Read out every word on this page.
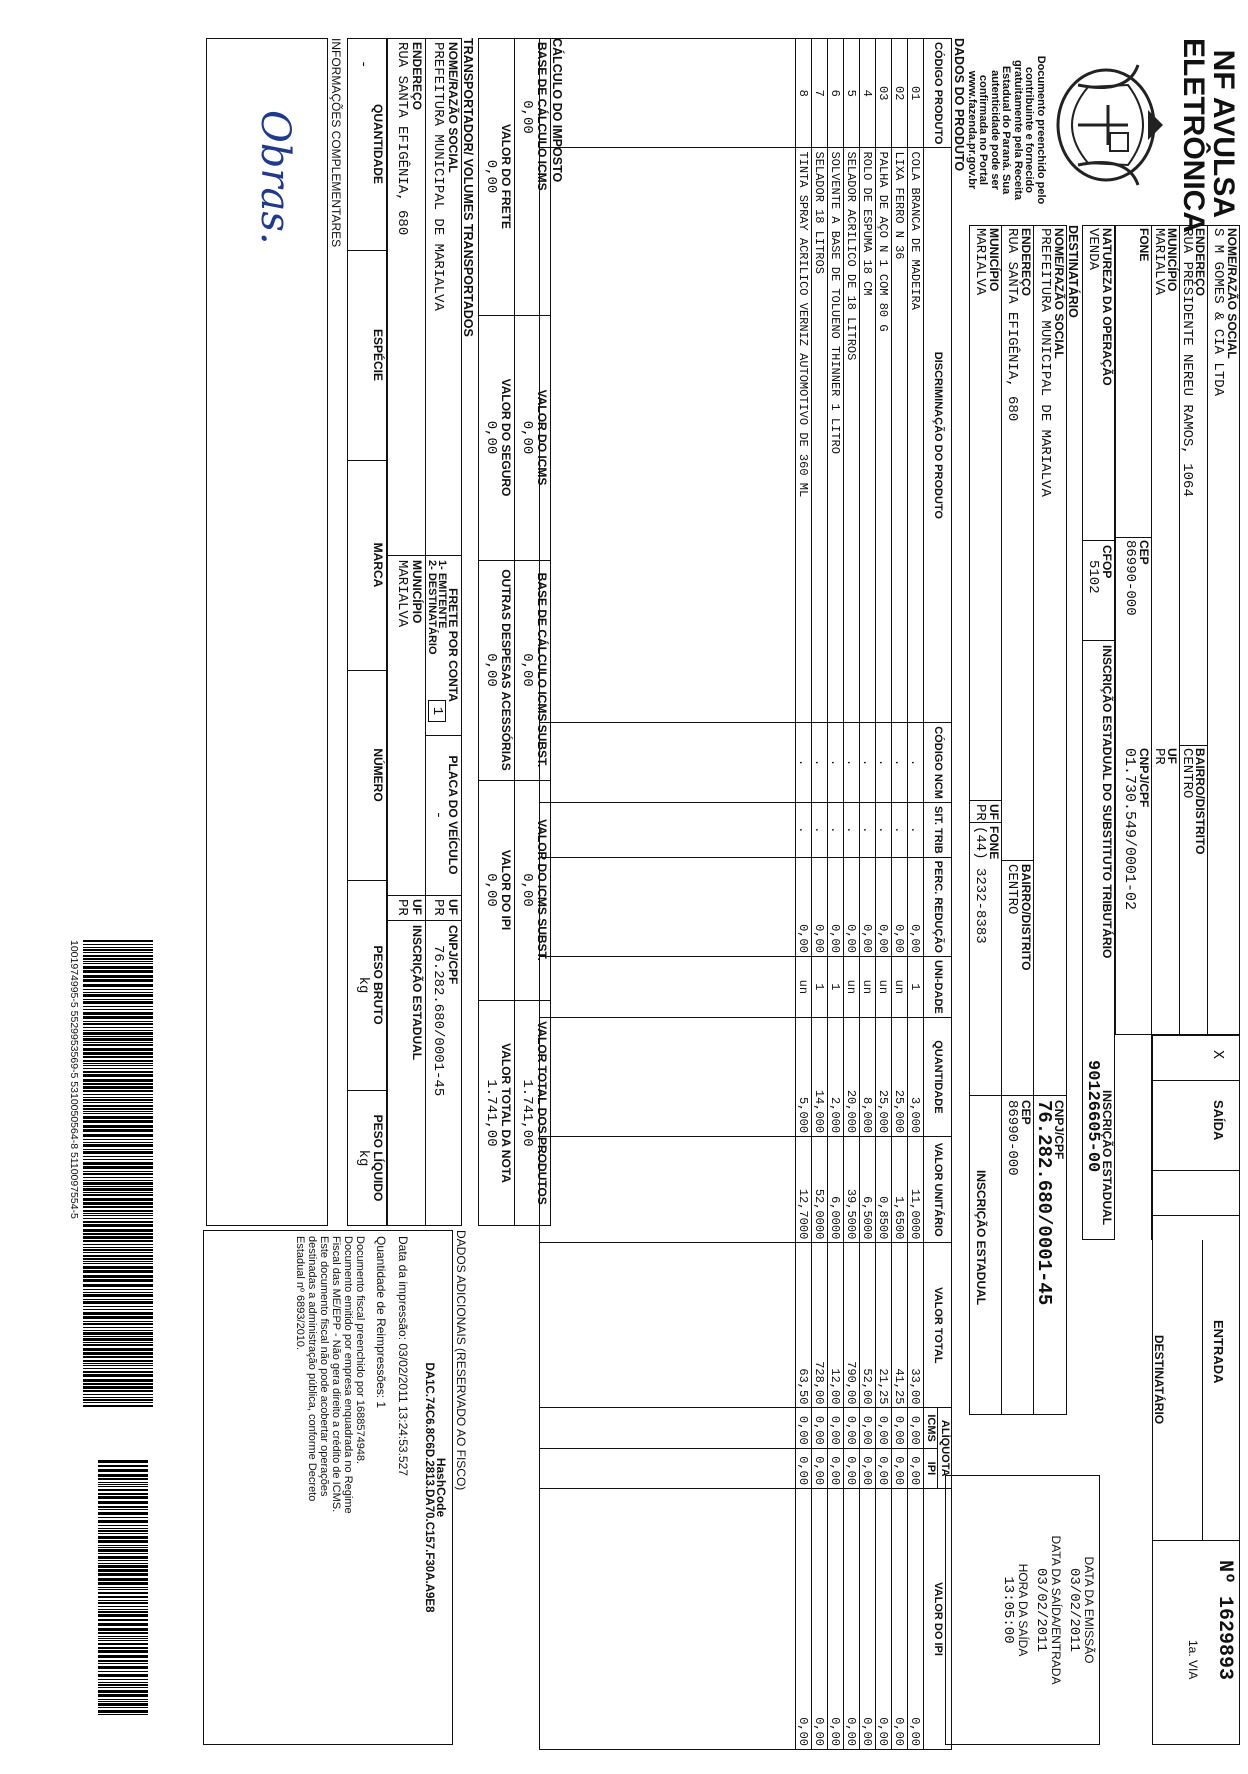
NF AVULSA
ELETRÔNICA
Documento preenchido pelo
contribuinte e fornecido
gratuitamente pela Receita
Estadual do Paraná. Sua
autenticidade pode ser
confirmada no Portal
www.fazenda.pr.gov.br
NOME/RAZÃO SOCIAL
S M GOMES & CIA LTDA
ENDEREÇO
RUA PRESIDENTE NEREU RAMOS, 1064
BAIRRO/DISTRITO
CENTRO
MUNICÍPIO
MARIALVA
UF
PR
FONE
CEP
86990-000
CNPJ/CPF
01.730.549/0001-02
X
SAÍDA
ENTRADA
DESTINATÁRIO
Nº 1629893
1a. VIA
NATUREZA DA OPERAÇÃO
VENDA
CFOP
5102
INSCRIÇÃO ESTADUAL DO SUBSTITUTO TRIBUTÁRIO
INSCRIÇÃO ESTADUAL
90126605-00
DATA DA EMISSÃO
03/02/2011
DATA DA SAÍDA/ENTRADA
03/02/2011
HORA DA SAÍDA
13:05:00
DESTINATÁRIO
NOME/RAZÃO SOCIAL
PREFEITURA MUNICIPAL DE MARIALVA
CNPJ/CPF
76.282.680/0001-45
ENDEREÇO
RUA SANTA EFIGÊNIA, 680
BAIRRO/DISTRITO
CENTRO
CEP
86990-000
MUNICÍPIO
MARIALVA
UF
PR
FONE
(44) 3232-8383
INSCRIÇÃO ESTADUAL
DADOS DO PRODUTO
CÓDIGO PRODUTO	DISCRIMINAÇÃO DO PRODUTO	CÓDIGO NCM	SIT. TRIB	PERC. REDUÇÃO	UNI-DADE	QUANTIDADE	VALOR UNITÁRIO	VALOR TOTAL	ALÍQUOTA		VALOR DO IPI
									ICMS	IPI	
01	COLA BRANCA DE MADEIRA	.	.	0,00	1	3,000	11,0000	33,00	0,00	0,00	0,00
02	LIXA FERRO N 36	.	.	0,00	un	25,000	1,6500	41,25	0,00	0,00	0,00
03	PALHA DE AÇO N 1 COM 80 G	.	.	0,00	un	25,000	0,8500	21,25	0,00	0,00	0,00
4	ROLO DE ESPUMA 18 CM	.	.	0,00	un	8,000	6,5000	52,00	0,00	0,00	0,00
5	SELADOR ACRILICO DE 18 LITROS	.	.	0,00	un	20,000	39,5000	790,00	0,00	0,00	0,00
6	SOLVENTE A BASE DE TOLUENO THINNER 1 LITRO	.	.	0,00	1	2,000	6,0000	12,00	0,00	0,00	0,00
7	SELADOR 18 LITROS	.	.	0,00	1	14,000	52,0000	728,00	0,00	0,00	0,00
8	TINTA SPRAY ACRILICO VERNIZ AUTOMOTIVO DE 360 ML	.	.	0,00	un	5,000	12,7000	63,50	0,00	0,00	0,00

CÁLCULO DO IMPOSTO
BASE DE CÁLCULO ICMS
0,00
VALOR DO ICMS
0,00
BASE DE CÁLCULO ICMS SUBST.
0,00
VALOR DO ICMS SUBST.
0,00
VALOR TOTAL DOS PRODUTOS
1.741,00
VALOR DO FRETE
0,00
VALOR DO SEGURO
0,00
OUTRAS DESPESAS ACESSÓRIAS
0,00
VALOR DO IPI
0,00
VALOR TOTAL DA NOTA
1.741,00
TRANSPORTADOR/ VOLUMES TRANSPORTADOS
NOME/RAZÃO SOCIAL
PREFEITURA MUNICIPAL DE MARIALVA
FRETE POR CONTA
1- EMITENTE
2- DESTINATÁRIO
1
PLACA DO VEÍCULO
-
UF
PR
CNPJ/CPF
76.282.680/0001-45
ENDEREÇO
RUA SANTA EFIGÊNIA, 680
MUNICÍPIO
MARIALVA
UF
PR
INSCRIÇÃO ESTADUAL
QUANTIDADE
-
ESPÉCIE
MARCA
NÚMERO
PESO BRUTO
kg
PESO LÍQUIDO
kg
INFORMAÇÕES COMPLEMENTARES
Obras.
DADOS ADICIONAIS (RESERVADO AO FISCO)
HashCode
DA1C.74C6.8C6D.2813.DA70.C157.F30A.A9E8
Data da impressão: 03/02/2011 13:24:53.527
Quantidade de Reimpressões: 1
Documento fiscal preenchido por 1688574948.
Documento emitido por empresa enquadrada no Regime
Fiscal das ME/EPP - Não gera direito a crédito de ICMS.
Este documento fiscal não pode acobertar operações
destinadas a administração pública, conforme Decreto
Estadual nº 6893/2010.
1001974995-5 5529953569-5 5310050564-8 5110097554-5
